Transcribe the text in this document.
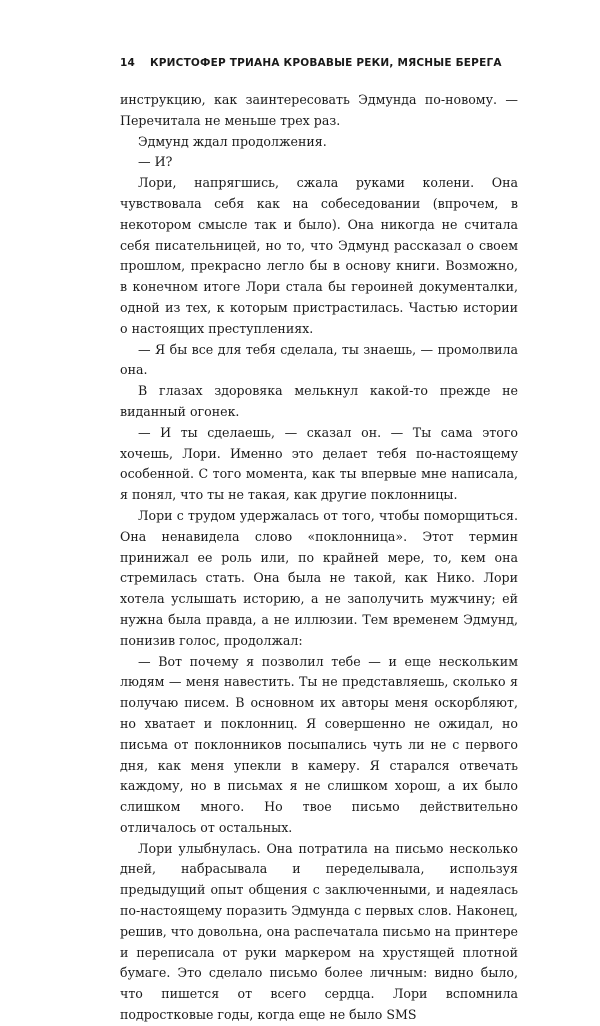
14 КРИСТОФЕР ТРИАНА КРОВАВЫЕ РЕКИ, МЯСНЫЕ БЕРЕГА

инструкцию, как заинтересовать Эдмунда по-новому. — Перечитала не меньше трех раз.

Эдмунд ждал продолжения.

— И?

Лори, напрягшись, сжала руками колени. Она чувствовала себя как на собеседовании (впрочем, в некотором смысле так и было). Она никогда не считала себя писательницей, но то, что Эдмунд рассказал о своем прошлом, прекрасно легло бы в основу книги. Возможно, в конечном итоге Лори стала бы героиней документалки, одной из тех, к которым пристрастилась. Частью истории о настоящих преступлениях.

— Я бы все для тебя сделала, ты знаешь, — промолвила она.

В глазах здоровяка мелькнул какой-то прежде не виданный огонек.

— И ты сделаешь, — сказал он. — Ты сама этого хочешь, Лори. Именно это делает тебя по-настоящему особенной. С того момента, как ты впервые мне написала, я понял, что ты не такая, как другие поклонницы.

Лори с трудом удержалась от того, чтобы поморщиться. Она ненавидела слово «поклонница». Этот термин принижал ее роль или, по крайней мере, то, кем она стремилась стать. Она была не такой, как Нико. Лори хотела услышать историю, а не заполучить мужчину; ей нужна была правда, а не иллюзии. Тем временем Эдмунд, понизив голос, продолжал:

— Вот почему я позволил тебе — и еще нескольким людям — меня навестить. Ты не представляешь, сколько я получаю писем. В основном их авторы меня оскорбляют, но хватает и поклонниц. Я совершенно не ожидал, но письма от поклонников посыпались чуть ли не с первого дня, как меня упекли в камеру. Я старался отвечать каждому, но в письмах я не слишком хорош, а их было слишком много. Но твое письмо действительно отличалось от остальных.

Лори улыбнулась. Она потратила на письмо несколько дней, набрасывала и переделывала, используя предыдущий опыт общения с заключенными, и надеялась по-настоящему поразить Эдмунда с первых слов. Наконец, решив, что довольна, она распечатала письмо на принтере и переписала от руки маркером на хрустящей плотной бумаге. Это сделало письмо более личным: видно было, что пишется от всего сердца. Лори вспомнила подростковые годы, когда еще не было SMS
